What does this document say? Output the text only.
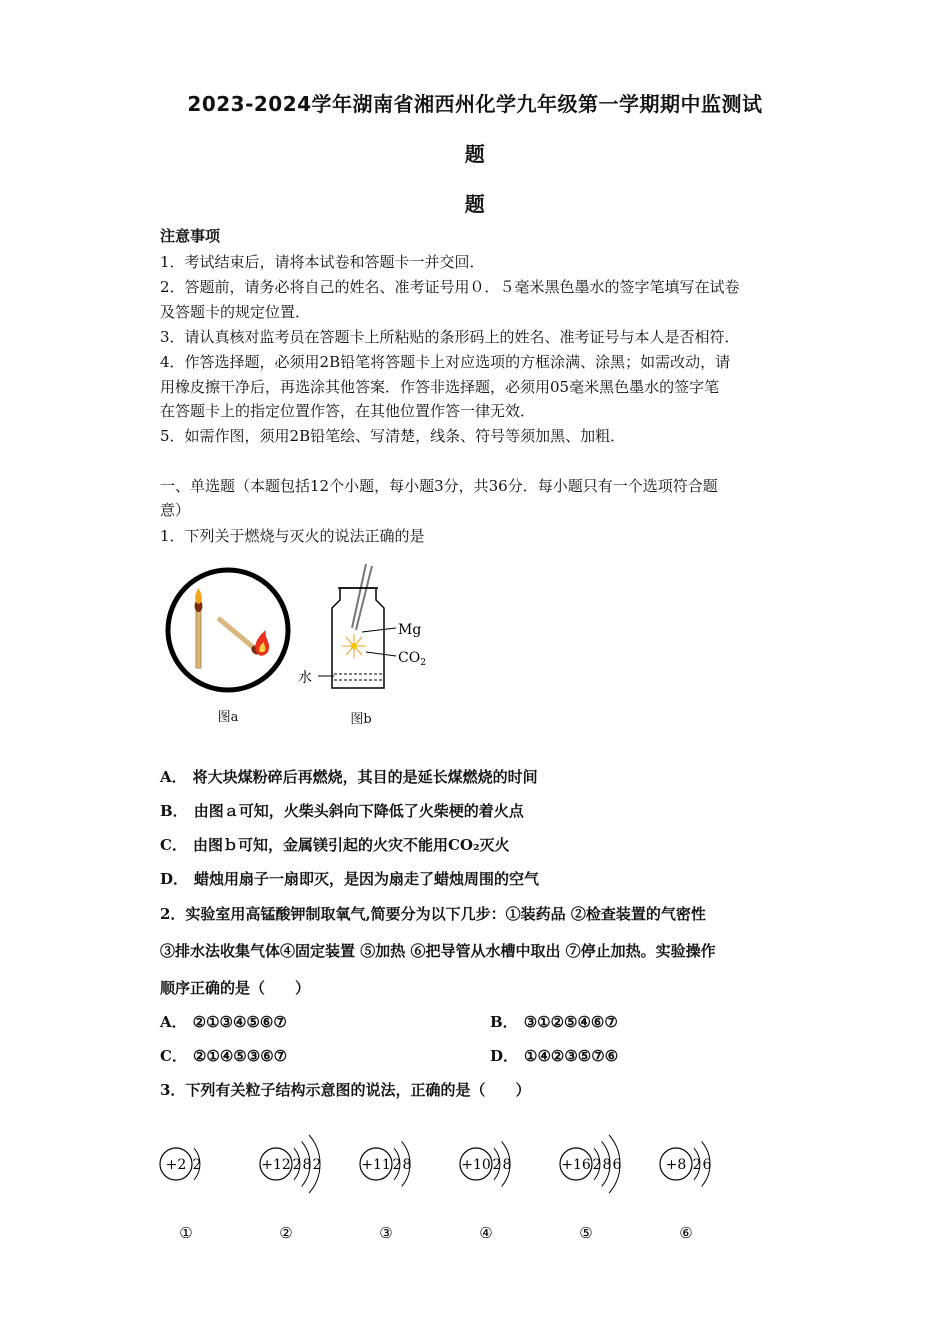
2023-2024学年湖南省湘西州化学九年级第一学期期中监测试
题
题
注意事项
1．考试结束后，请将本试卷和答题卡一并交回．
2．答题前，请务必将自己的姓名、准考证号用０．５毫米黑色墨水的签字笔填写在试卷
及答题卡的规定位置．
3．请认真核对监考员在答题卡上所粘贴的条形码上的姓名、准考证号与本人是否相符．
4．作答选择题，必须用2B铅笔将答题卡上对应选项的方框涂满、涂黑；如需改动，请
用橡皮擦干净后，再选涂其他答案．作答非选择题，必须用05毫米黑色墨水的签字笔
在答题卡上的指定位置作答，在其他位置作答一律无效．
5．如需作图，须用2B铅笔绘、写清楚，线条、符号等须加黑、加粗．
一、单选题（本题包括12个小题，每小题3分，共36分．每小题只有一个选项符合题
意）
1．下列关于燃烧与灭火的说法正确的是
图a
Mg
$CO_2$
水
图b
A． 将大块煤粉碎后再燃烧，其目的是延长煤燃烧的时间
B． 由图ａ可知，火柴头斜向下降低了火柴梗的着火点
C． 由图ｂ可知，金属镁引起的火灾不能用CO₂灭火
D． 蜡烛用扇子一扇即灭，是因为扇走了蜡烛周围的空气
2．实验室用高锰酸钾制取氧气,简要分为以下几步：①装药品 ②检查装置的气密性
③排水法收集气体④固定装置 ⑤加热 ⑥把导管从水槽中取出 ⑦停止加热。实验操作
顺序正确的是（　　）
A． ②①③④⑤⑥⑦	B． ③①②⑤④⑥⑦
C． ②①④⑤③⑥⑦	D． ①④②③⑤⑦⑥
3．下列有关粒子结构示意图的说法，正确的是（　　）
+2 2
①
+12 2 8 2
②
+11 2 8
③
+10 2 8
④
+16 2 8 6
⑤
+8 2 6
⑥
